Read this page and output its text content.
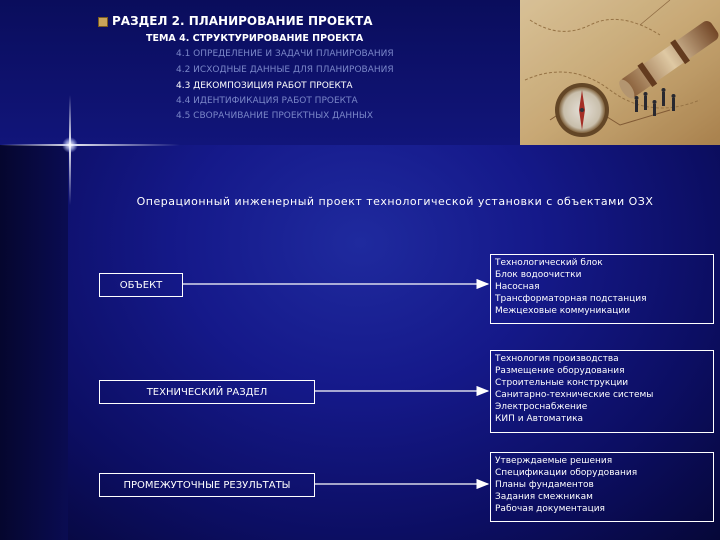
РАЗДЕЛ 2. ПЛАНИРОВАНИЕ ПРОЕКТА
ТЕМА 4. СТРУКТУРИРОВАНИЕ ПРОЕКТА
4.1 ОПРЕДЕЛЕНИЕ И ЗАДАЧИ ПЛАНИРОВАНИЯ
4.2 ИСХОДНЫЕ ДАННЫЕ ДЛЯ ПЛАНИРОВАНИЯ
4.3 ДЕКОМПОЗИЦИЯ РАБОТ ПРОЕКТА
4.4 ИДЕНТИФИКАЦИЯ РАБОТ ПРОЕКТА
4.5 СВОРАЧИВАНИЕ ПРОЕКТНЫХ ДАННЫХ
Операционный инженерный проект технологической установки с объектами ОЗХ
ОБЪЕКТ
ТЕХНИЧЕСКИЙ РАЗДЕЛ
ПРОМЕЖУТОЧНЫЕ РЕЗУЛЬТАТЫ
Технологический блок
Блок водоочистки
Насосная
Трансформаторная подстанция
Межцеховые коммуникации
Технология производства
Размещение оборудования
Строительные конструкции
Санитарно-технические системы
Электроснабжение
КИП и Автоматика
Утверждаемые решения
Спецификации оборудования
Планы фундаментов
Задания смежникам
Рабочая документация
